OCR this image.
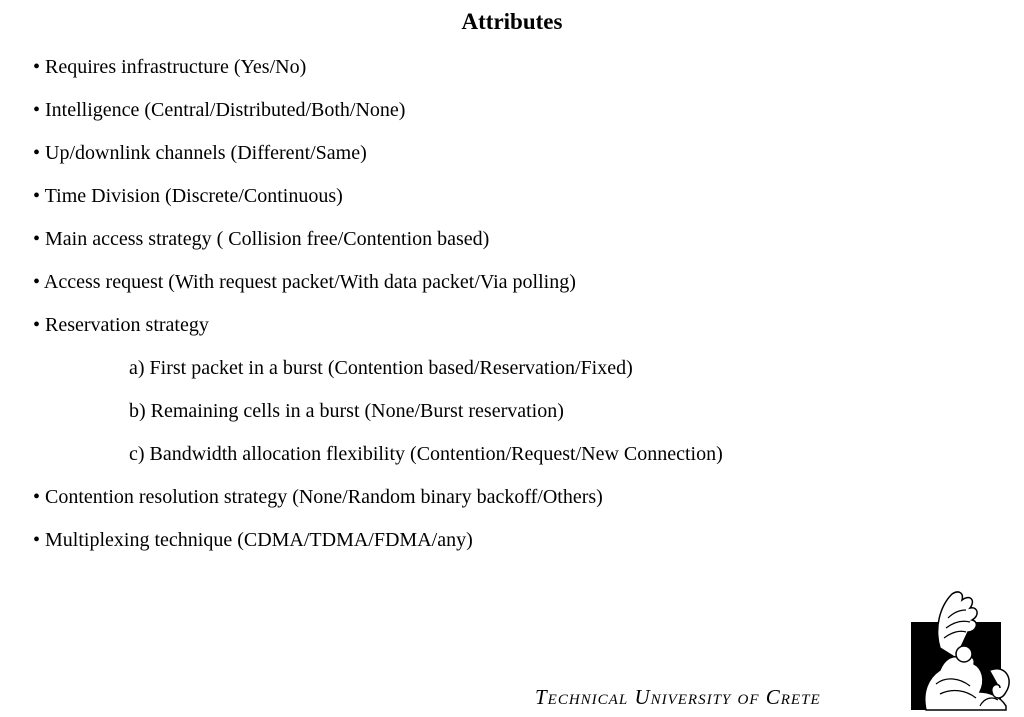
Attributes
• Requires infrastructure (Yes/No)
• Intelligence (Central/Distributed/Both/None)
• Up/downlink channels (Different/Same)
• Time Division (Discrete/Continuous)
• Main access strategy ( Collision free/Contention based)
• Access request (With request packet/With data packet/Via polling)
• Reservation strategy
a) First packet in a burst (Contention based/Reservation/Fixed)
b) Remaining cells in a burst (None/Burst reservation)
c) Bandwidth allocation flexibility (Contention/Request/New Connection)
• Contention resolution strategy (None/Random binary backoff/Others)
• Multiplexing technique (CDMA/TDMA/FDMA/any)
Technical University of Crete
